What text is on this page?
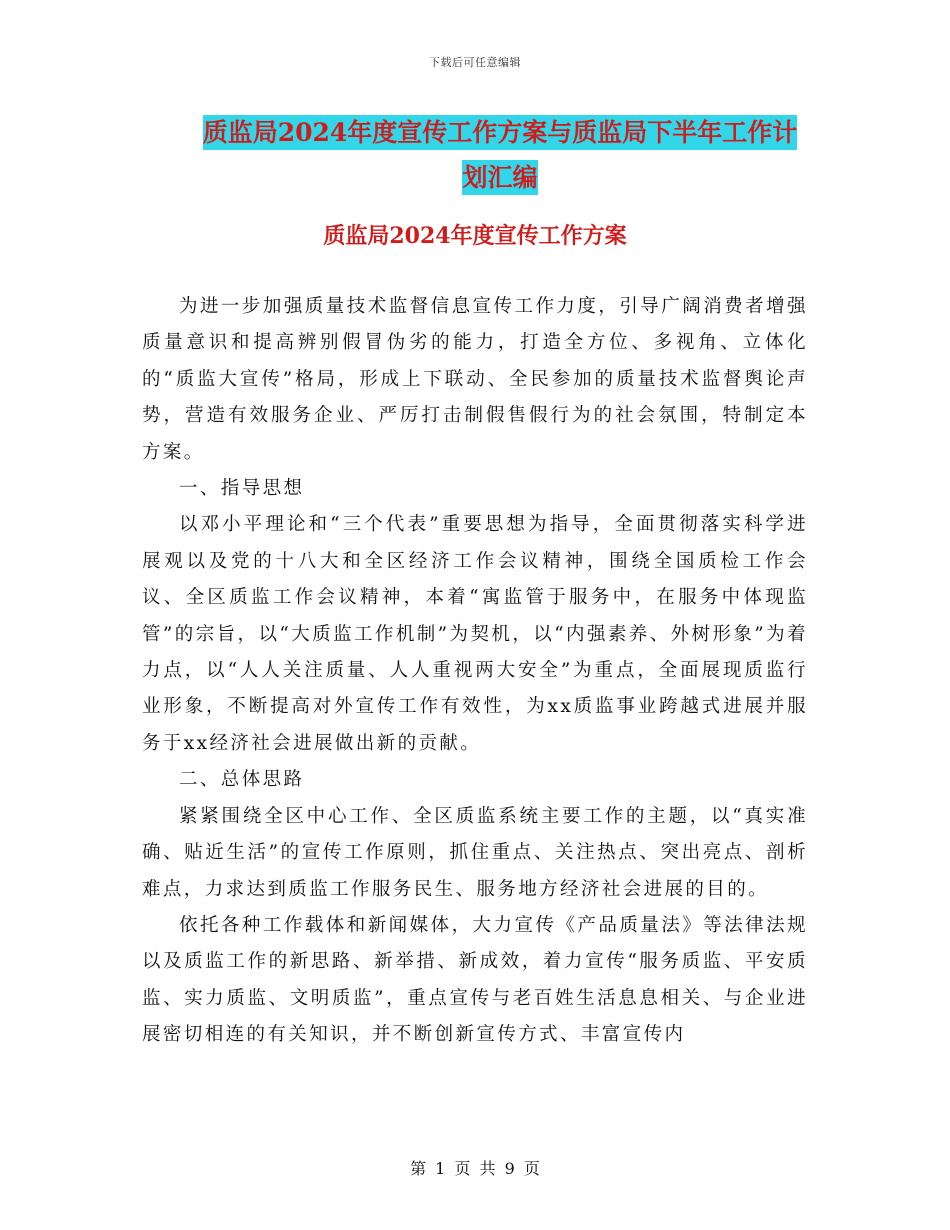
下载后可任意编辑
质监局2024年度宣传工作方案与质监局下半年工作计
划汇编
质监局2024年度宣传工作方案

为进一步加强质量技术监督信息宣传工作力度，引导广阔消费者增强质量意识和提高辨别假冒伪劣的能力，打造全方位、多视角、立体化的“质监大宣传”格局，形成上下联动、全民参加的质量技术监督舆论声势，营造有效服务企业、严厉打击制假售假行为的社会氛围，特制定本方案。

一、指导思想

以邓小平理论和“三个代表”重要思想为指导，全面贯彻落实科学进展观以及党的十八大和全区经济工作会议精神，围绕全国质检工作会议、全区质监工作会议精神，本着“寓监管于服务中，在服务中体现监管”的宗旨，以“大质监工作机制”为契机，以“内强素养、外树形象”为着力点，以“人人关注质量、人人重视两大安全”为重点，全面展现质监行业形象，不断提高对外宣传工作有效性，为xx质监事业跨越式进展并服务于xx经济社会进展做出新的贡献。

二、总体思路

紧紧围绕全区中心工作、全区质监系统主要工作的主题，以“真实准确、贴近生活”的宣传工作原则，抓住重点、关注热点、突出亮点、剖析难点，力求达到质监工作服务民生、服务地方经济社会进展的目的。

依托各种工作载体和新闻媒体，大力宣传《产品质量法》等法律法规以及质监工作的新思路、新举措、新成效，着力宣传“服务质监、平安质监、实力质监、文明质监”，重点宣传与老百姓生活息息相关、与企业进展密切相连的有关知识，并不断创新宣传方式、丰富宣传内

第 1 页 共 9 页
